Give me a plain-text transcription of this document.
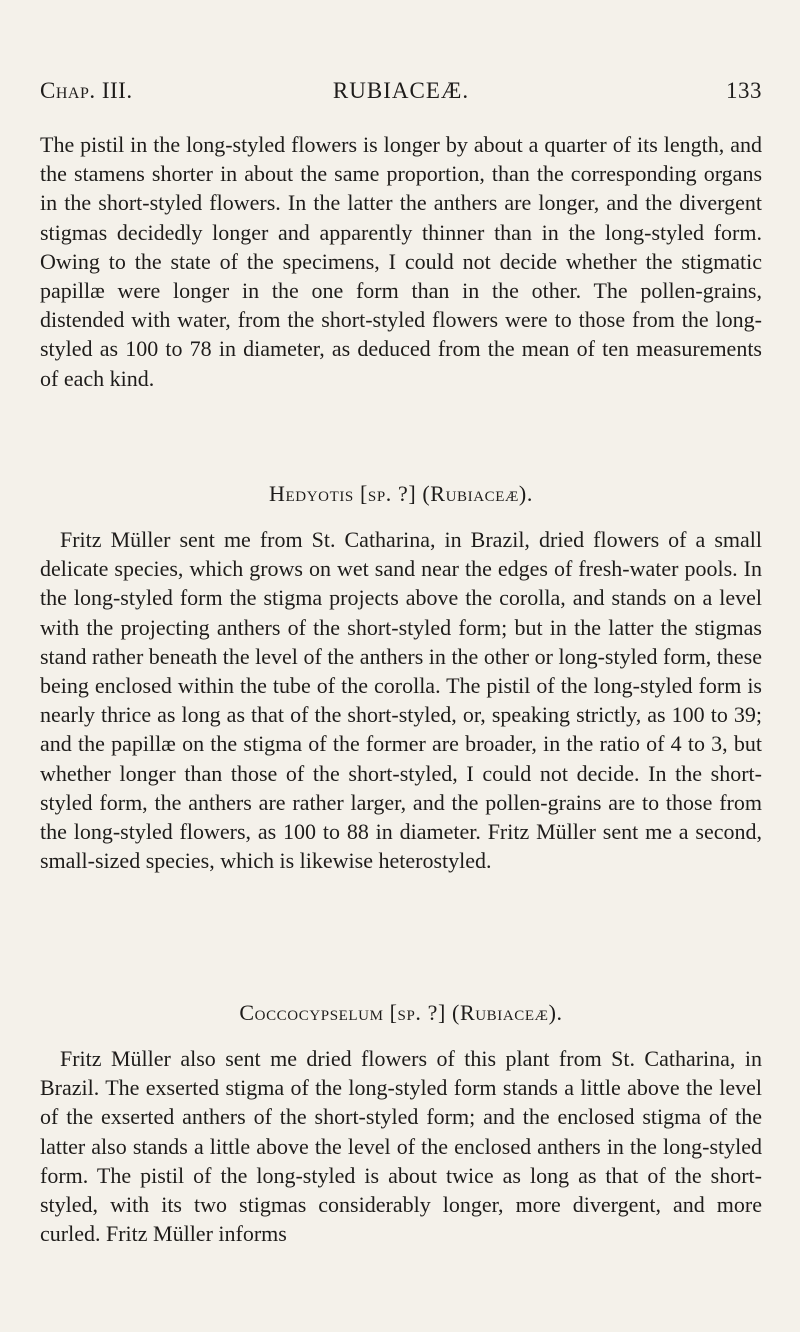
Chap. III.	RUBIACEÆ.	133

The pistil in the long-styled flowers is longer by about a quarter of its length, and the stamens shorter in about the same proportion, than the corresponding organs in the short-styled flowers. In the latter the anthers are longer, and the divergent stigmas decidedly longer and apparently thinner than in the long-styled form. Owing to the state of the specimens, I could not decide whether the stigmatic papillæ were longer in the one form than in the other. The pollen-grains, distended with water, from the short-styled flowers were to those from the long-styled as 100 to 78 in diameter, as deduced from the mean of ten measurements of each kind.

Hedyotis [sp. ?] (Rubiaceæ).

Fritz Müller sent me from St. Catharina, in Brazil, dried flowers of a small delicate species, which grows on wet sand near the edges of fresh-water pools. In the long-styled form the stigma projects above the corolla, and stands on a level with the projecting anthers of the short-styled form; but in the latter the stigmas stand rather beneath the level of the anthers in the other or long-styled form, these being enclosed within the tube of the corolla. The pistil of the long-styled form is nearly thrice as long as that of the short-styled, or, speaking strictly, as 100 to 39; and the papillæ on the stigma of the former are broader, in the ratio of 4 to 3, but whether longer than those of the short-styled, I could not decide. In the short-styled form, the anthers are rather larger, and the pollen-grains are to those from the long-styled flowers, as 100 to 88 in diameter. Fritz Müller sent me a second, small-sized species, which is likewise heterostyled.

Coccocypselum [sp. ?] (Rubiaceæ).

Fritz Müller also sent me dried flowers of this plant from St. Catharina, in Brazil. The exserted stigma of the long-styled form stands a little above the level of the exserted anthers of the short-styled form; and the enclosed stigma of the latter also stands a little above the level of the enclosed anthers in the long-styled form. The pistil of the long-styled is about twice as long as that of the short-styled, with its two stigmas considerably longer, more divergent, and more curled. Fritz Müller informs
